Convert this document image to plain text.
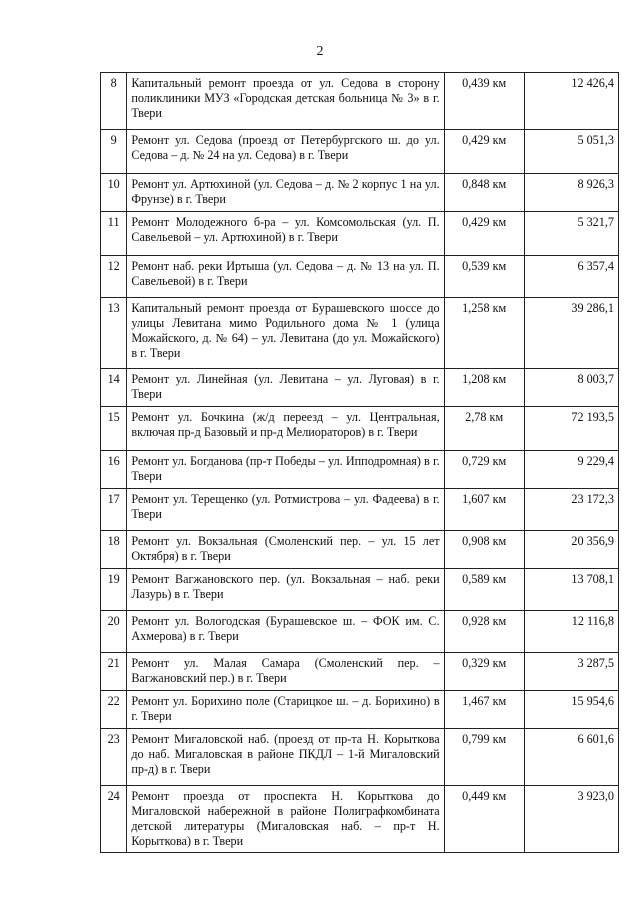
2
8	Капитальный ремонт проезда от ул. Седова в сторону поликлиники МУЗ «Городская детская больница № 3» в г. Твери	0,439 км	12 426,4
9	Ремонт ул. Седова (проезд от Петербургского ш. до ул. Седова – д. № 24 на ул. Седова) в г. Твери	0,429 км	5 051,3
10	Ремонт ул. Артюхиной (ул. Седова – д. № 2 корпус 1 на ул. Фрунзе) в г. Твери	0,848 км	8 926,3
11	Ремонт Молодежного б-ра – ул. Комсомольская (ул. П. Савельевой – ул. Артюхиной) в г. Твери	0,429 км	5 321,7
12	Ремонт наб. реки Иртыша (ул. Седова – д. № 13 на ул. П. Савельевой) в г. Твери	0,539 км	6 357,4
13	Капитальный ремонт проезда от Бурашевского шоссе до улицы Левитана мимо Родильного дома № 1 (улица Можайского, д. № 64) – ул. Левитана (до ул. Можайского) в г. Твери	1,258 км	39 286,1
14	Ремонт ул. Линейная (ул. Левитана – ул. Луговая) в г. Твери	1,208 км	8 003,7
15	Ремонт ул. Бочкина (ж/д переезд – ул. Центральная, включая пр-д Базовый и пр-д Мелиораторов) в г. Твери	2,78 км	72 193,5
16	Ремонт ул. Богданова (пр-т Победы – ул. Ипподромная) в г. Твери	0,729 км	9 229,4
17	Ремонт ул. Терещенко (ул. Ротмистрова – ул. Фадеева) в г. Твери	1,607 км	23 172,3
18	Ремонт ул. Вокзальная (Смоленский пер. – ул. 15 лет Октября) в г. Твери	0,908 км	20 356,9
19	Ремонт Вагжановского пер. (ул. Вокзальная – наб. реки Лазурь) в г. Твери	0,589 км	13 708,1
20	Ремонт ул. Вологодская (Бурашевское ш. – ФОК им. С. Ахмерова) в г. Твери	0,928 км	12 116,8
21	Ремонт ул. Малая Самара (Смоленский пер. – Вагжановский пер.) в г. Твери	0,329 км	3 287,5
22	Ремонт ул. Борихино поле (Старицкое ш. – д. Борихино) в г. Твери	1,467 км	15 954,6
23	Ремонт Мигаловской наб. (проезд от пр-та Н. Корыткова до наб. Мигаловская в районе ПКДЛ – 1-й Мигаловский пр-д) в г. Твери	0,799 км	6 601,6
24	Ремонт проезда от проспекта Н. Корыткова до Мигаловской набережной в районе Полиграфкомбината детской литературы (Мигаловская наб. – пр-т Н. Корыткова) в г. Твери	0,449 км	3 923,0
